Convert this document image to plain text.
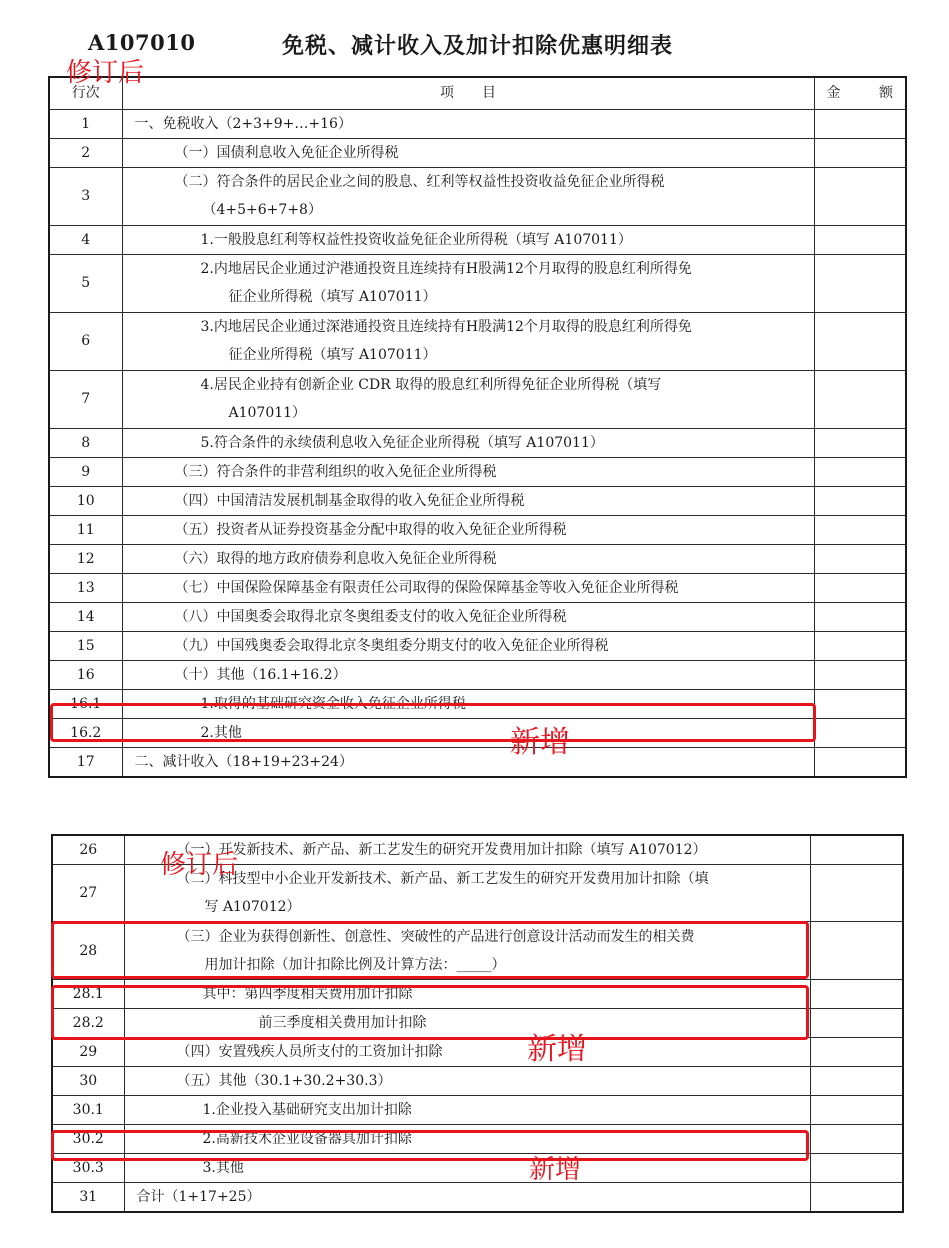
A107010	免税、减计收入及加计扣除优惠明细表
行次	项　　目	金 额

1	一、免税收入（2+3+9+…+16）	

2	（一）国债利息收入免征企业所得税	

3	（二）符合条件的居民企业之间的股息、红利等权益性投资收益免征企业所得税
（4+5+6+7+8）	

4	1.一般股息红利等权益性投资收益免征企业所得税（填写 A107011）	

5	2.内地居民企业通过沪港通投资且连续持有H股满12个月取得的股息红利所得免
征企业所得税（填写 A107011）	

6	3.内地居民企业通过深港通投资且连续持有H股满12个月取得的股息红利所得免
征企业所得税（填写 A107011）	

7	4.居民企业持有创新企业 CDR 取得的股息红利所得免征企业所得税（填写
A107011）	

8	5.符合条件的永续债利息收入免征企业所得税（填写 A107011）	

9	（三）符合条件的非营利组织的收入免征企业所得税	

10	（四）中国清洁发展机制基金取得的收入免征企业所得税	

11	（五）投资者从证券投资基金分配中取得的收入免征企业所得税	

12	（六）取得的地方政府债券利息收入免征企业所得税	

13	（七）中国保险保障基金有限责任公司取得的保险保障基金等收入免征企业所得税	

14	（八）中国奥委会取得北京冬奥组委支付的收入免征企业所得税	

15	（九）中国残奥委会取得北京冬奥组委分期支付的收入免征企业所得税	

16	（十）其他（16.1+16.2）	

16.1	1.取得的基础研究资金收入免征企业所得税	

16.2	2.其他	

17	二、减计收入（18+19+23+24）	

26	（一）开发新技术、新产品、新工艺发生的研究开发费用加计扣除（填写 A107012）	

27	（二）科技型中小企业开发新技术、新产品、新工艺发生的研究开发费用加计扣除（填
写 A107012）	

28	（三）企业为获得创新性、创意性、突破性的产品进行创意设计活动而发生的相关费
用加计扣除（加计扣除比例及计算方法：_____）	

28.1	其中：第四季度相关费用加计扣除	

28.2	前三季度相关费用加计扣除	

29	（四）安置残疾人员所支付的工资加计扣除	

30	（五）其他（30.1+30.2+30.3）	

30.1	1.企业投入基础研究支出加计扣除	

30.2	2.高新技术企业设备器具加计扣除	

30.3	3.其他	

31	合计（1+17+25）	

修订后
新增
修订后
新增
新增
